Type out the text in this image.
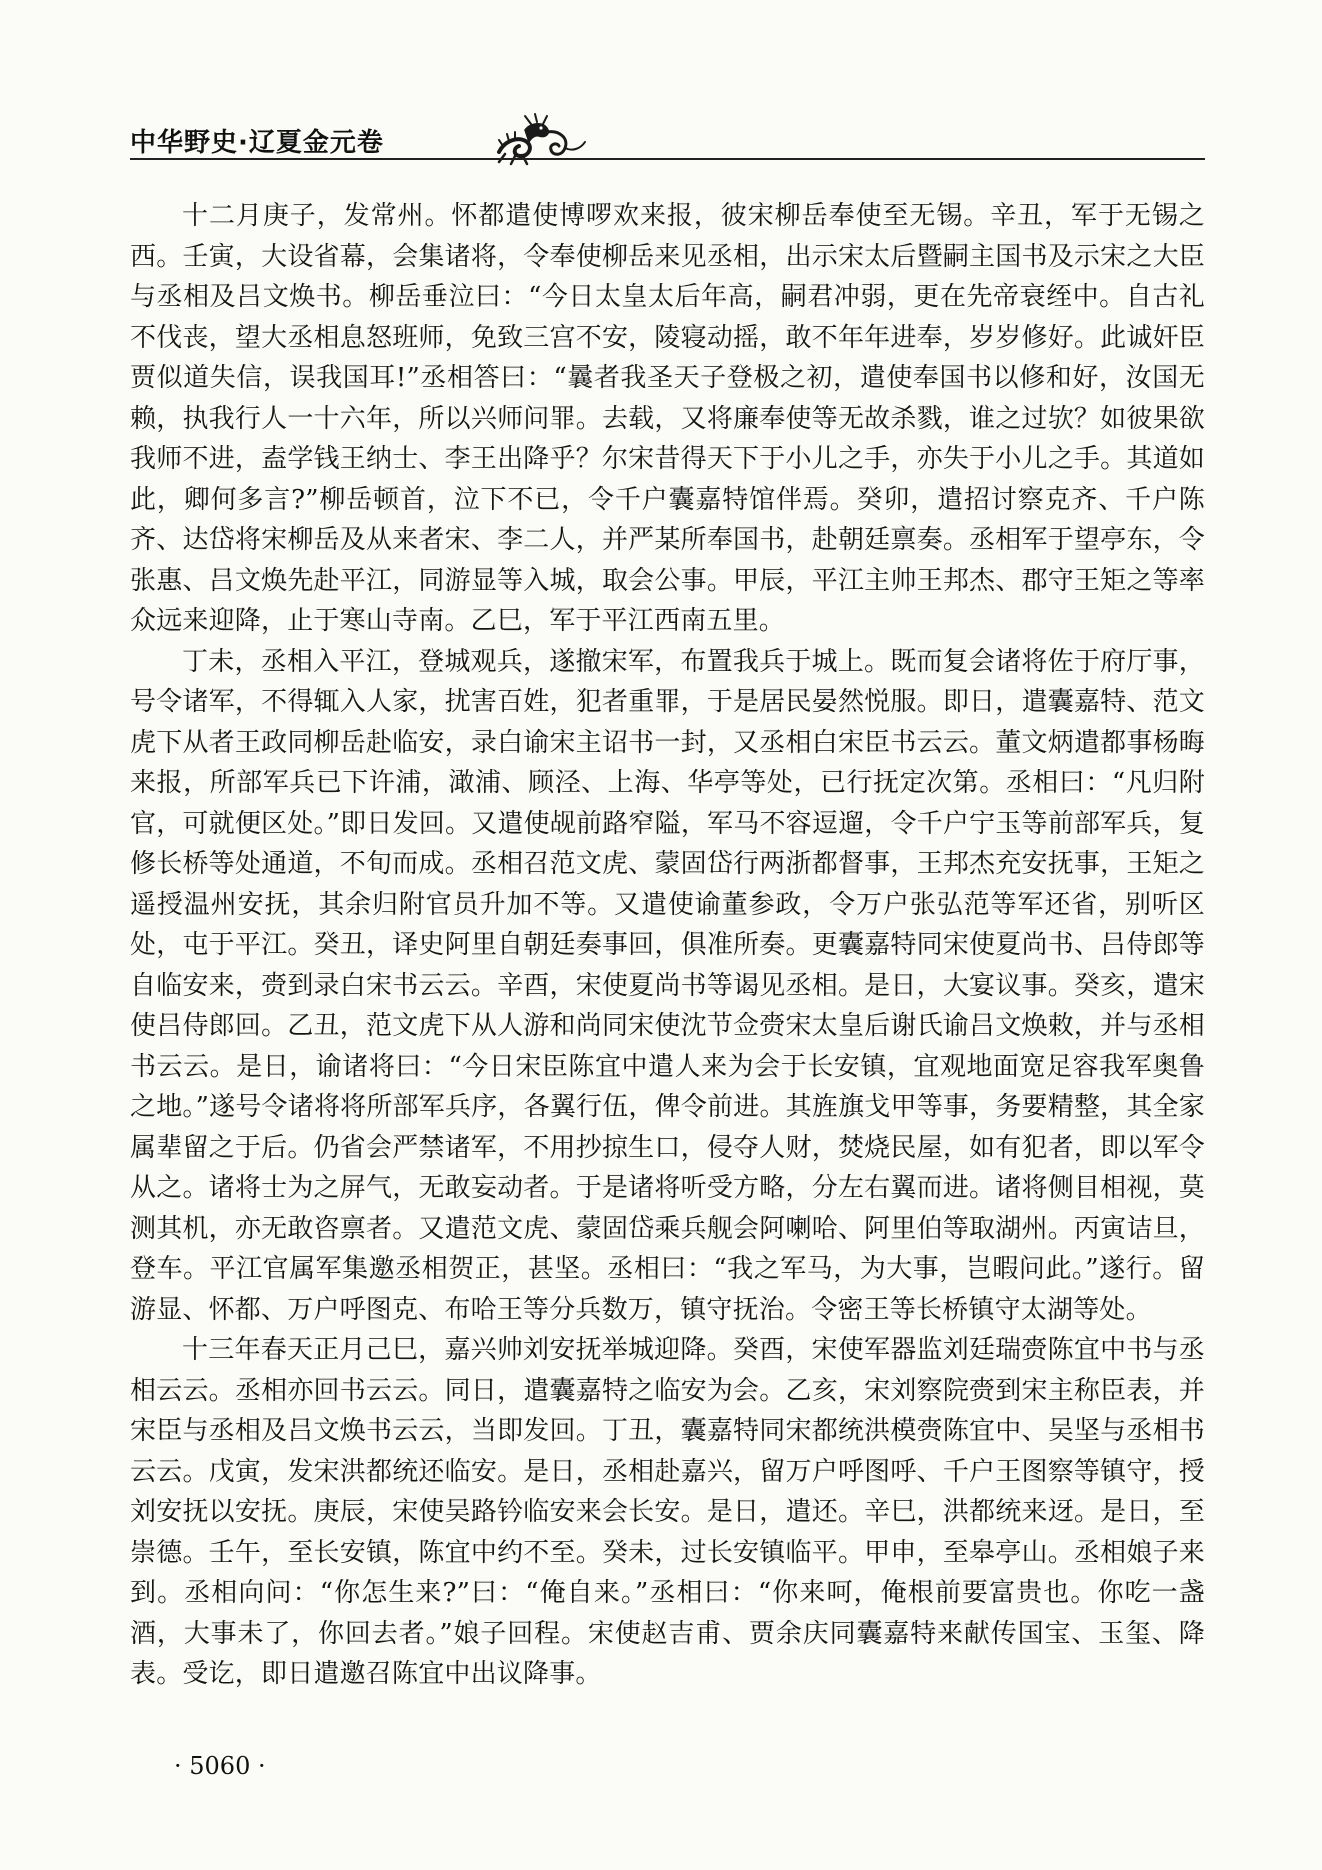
中华野史·辽夏金元卷

十二月庚子，发常州。怀都遣使博啰欢来报，彼宋柳岳奉使至无锡。辛丑，军于无锡之西。壬寅，大设省幕，会集诸将，令奉使柳岳来见丞相，出示宋太后暨嗣主国书及示宋之大臣与丞相及吕文焕书。柳岳垂泣曰：“今日太皇太后年高，嗣君冲弱，更在先帝衰绖中。自古礼不伐丧，望大丞相息怒班师，免致三宫不安，陵寝动摇，敢不年年进奉，岁岁修好。此诚奸臣贾似道失信，误我国耳!”丞相答曰：“曩者我圣天子登极之初，遣使奉国书以修和好，汝国无赖，执我行人一十六年，所以兴师问罪。去载，又将廉奉使等无故杀戮，谁之过欤？如彼果欲我师不进，盍学钱王纳士、李王出降乎？尔宋昔得天下于小儿之手，亦失于小儿之手。其道如此，卿何多言?”柳岳顿首，泣下不已，令千户囊嘉特馆伴焉。癸卯，遣招讨察克齐、千户陈齐、达岱将宋柳岳及从来者宋、李二人，并严某所奉国书，赴朝廷禀奏。丞相军于望亭东，令张惠、吕文焕先赴平江，同游显等入城，取会公事。甲辰，平江主帅王邦杰、郡守王矩之等率众远来迎降，止于寒山寺南。乙巳，军于平江西南五里。

丁未，丞相入平江，登城观兵，遂撤宋军，布置我兵于城上。既而复会诸将佐于府厅事，号令诸军，不得辄入人家，扰害百姓，犯者重罪，于是居民晏然悦服。即日，遣囊嘉特、范文虎下从者王政同柳岳赴临安，录白谕宋主诏书一封，又丞相白宋臣书云云。董文炳遣都事杨晦来报，所部军兵已下许浦，澉浦、顾泾、上海、华亭等处，已行抚定次第。丞相曰：“凡归附官，可就便区处。”即日发回。又遣使觇前路窄隘，军马不容逗遛，令千户宁玉等前部军兵，复修长桥等处通道，不旬而成。丞相召范文虎、蒙固岱行两浙都督事，王邦杰充安抚事，王矩之遥授温州安抚，其余归附官员升加不等。又遣使谕董参政，令万户张弘范等军还省，别听区处，屯于平江。癸丑，译史阿里自朝廷奏事回，俱准所奏。更囊嘉特同宋使夏尚书、吕侍郎等自临安来，赍到录白宋书云云。辛酉，宋使夏尚书等谒见丞相。是日，大宴议事。癸亥，遣宋使吕侍郎回。乙丑，范文虎下从人游和尚同宋使沈节佥赍宋太皇后谢氏谕吕文焕敕，并与丞相书云云。是日，谕诸将曰：“今日宋臣陈宜中遣人来为会于长安镇，宜观地面宽足容我军奥鲁之地。”遂号令诸将将所部军兵序，各翼行伍，俾令前进。其旌旗戈甲等事，务要精整，其全家属辈留之于后。仍省会严禁诸军，不用抄掠生口，侵夺人财，焚烧民屋，如有犯者，即以军令从之。诸将士为之屏气，无敢妄动者。于是诸将听受方略，分左右翼而进。诸将侧目相视，莫测其机，亦无敢咨禀者。又遣范文虎、蒙固岱乘兵舰会阿喇哈、阿里伯等取湖州。丙寅诘旦，登车。平江官属军集邀丞相贺正，甚坚。丞相曰：“我之军马，为大事，岂暇问此。”遂行。留游显、怀都、万户呼图克、布哈王等分兵数万，镇守抚治。令密王等长桥镇守太湖等处。

十三年春天正月己巳，嘉兴帅刘安抚举城迎降。癸酉，宋使军器监刘廷瑞赍陈宜中书与丞相云云。丞相亦回书云云。同日，遣囊嘉特之临安为会。乙亥，宋刘察院赍到宋主称臣表，并宋臣与丞相及吕文焕书云云，当即发回。丁丑，囊嘉特同宋都统洪模赍陈宜中、吴坚与丞相书云云。戊寅，发宋洪都统还临安。是日，丞相赴嘉兴，留万户呼图呼、千户王图察等镇守，授刘安抚以安抚。庚辰，宋使吴路钤临安来会长安。是日，遣还。辛巳，洪都统来迓。是日，至崇德。壬午，至长安镇，陈宜中约不至。癸未，过长安镇临平。甲申，至皋亭山。丞相娘子来到。丞相向问：“你怎生来?”曰：“俺自来。”丞相曰：“你来呵，俺根前要富贵也。你吃一盏酒，大事未了，你回去者。”娘子回程。宋使赵吉甫、贾余庆同囊嘉特来献传国宝、玉玺、降表。受讫，即日遣邀召陈宜中出议降事。

· 5060 ·
